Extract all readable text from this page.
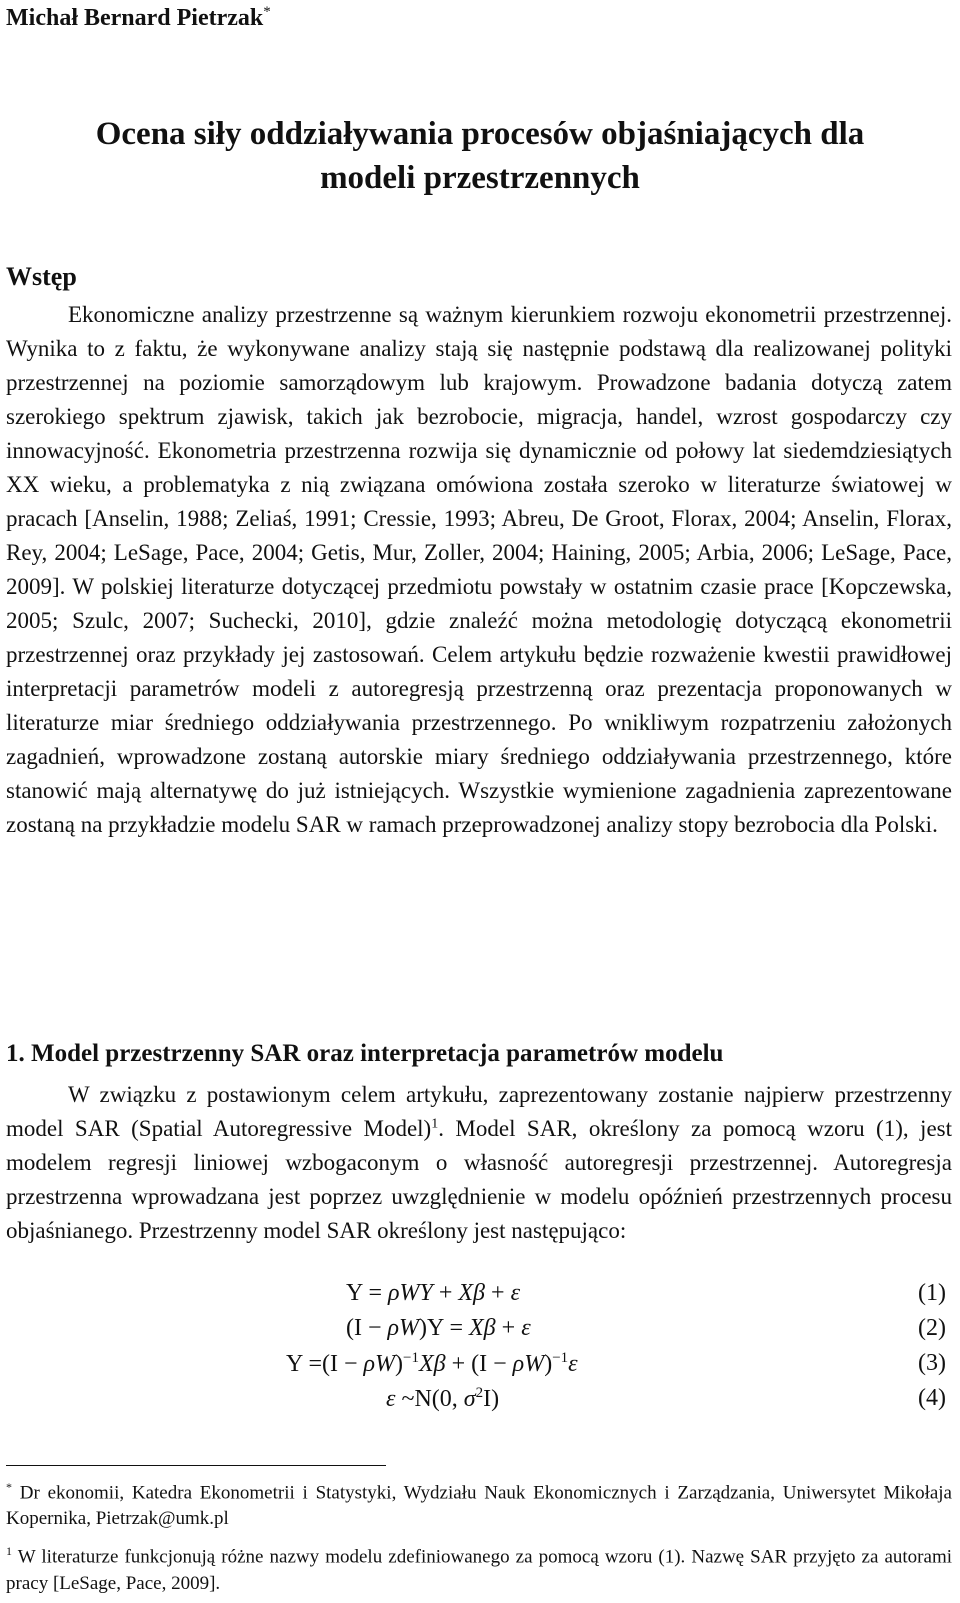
Michał Bernard Pietrzak*
Ocena siły oddziaływania procesów objaśniających dla
modeli przestrzennych
Wstęp

Ekonomiczne analizy przestrzenne są ważnym kierunkiem rozwoju ekonometrii przestrzennej. Wynika to z faktu, że wykonywane analizy stają się następnie podstawą dla realizowanej polityki przestrzennej na poziomie samorządowym lub krajowym. Prowadzone badania dotyczą zatem szerokiego spektrum zjawisk, takich jak bezrobocie, migracja, handel, wzrost gospodarczy czy innowacyjność. Ekonometria przestrzenna rozwija się dynamicznie od połowy lat siedemdziesiątych XX wieku, a problematyka z nią związana omówiona została szeroko w literaturze światowej w pracach [Anselin, 1988; Zeliaś, 1991; Cressie, 1993; Abreu, De Groot, Florax, 2004; Anselin, Florax, Rey, 2004; LeSage, Pace, 2004; Getis, Mur, Zoller, 2004; Haining, 2005; Arbia, 2006; LeSage, Pace, 2009]. W polskiej literaturze dotyczącej przedmiotu powstały w ostatnim czasie prace [Kopczewska, 2005; Szulc, 2007; Suchecki, 2010], gdzie znaleźć można metodologię dotyczącą ekonometrii przestrzennej oraz przykłady jej zastosowań. Celem artykułu będzie rozważenie kwestii prawidłowej interpretacji parametrów modeli z autoregresją przestrzenną oraz prezentacja proponowanych w literaturze miar średniego oddziaływania przestrzennego. Po wnikliwym rozpatrzeniu założonych zagadnień, wprowadzone zostaną autorskie miary średniego oddziaływania przestrzennego, które stanowić mają alternatywę do już istniejących. Wszystkie wymienione zagadnienia zaprezentowane zostaną na przykładzie modelu SAR w ramach przeprowadzonej analizy stopy bezrobocia dla Polski.

1. Model przestrzenny SAR oraz interpretacja parametrów modelu

W związku z postawionym celem artykułu, zaprezentowany zostanie najpierw przestrzenny model SAR (Spatial Autoregressive Model)$^1$. Model SAR, określony za pomocą wzoru (1), jest modelem regresji liniowej wzbogaconym o własność autoregresji przestrzennej. Autoregresja przestrzenna wprowadzana jest poprzez uwzględnienie w modelu opóźnień przestrzennych procesu objaśnianego. Przestrzenny model SAR określony jest następująco:

Y = ρWY + Xβ + ε	(1)
(I − ρW)Y = Xβ + ε	(2)
$Y =(I - \rho W)^{-1}X\beta + (I - \rho W)^{-1}\varepsilon$	(3)
ε ~N(0, $\sigma^2I$)	(4)

* Dr ekonomii, Katedra Ekonometrii i Statystyki, Wydziału Nauk Ekonomicznych i Zarządzania, Uniwersytet Mikołaja Kopernika, Pietrzak@umk.pl

$^1$ W literaturze funkcjonują różne nazwy modelu zdefiniowanego za pomocą wzoru (1). Nazwę SAR przyjęto za autorami pracy [LeSage, Pace, 2009].
